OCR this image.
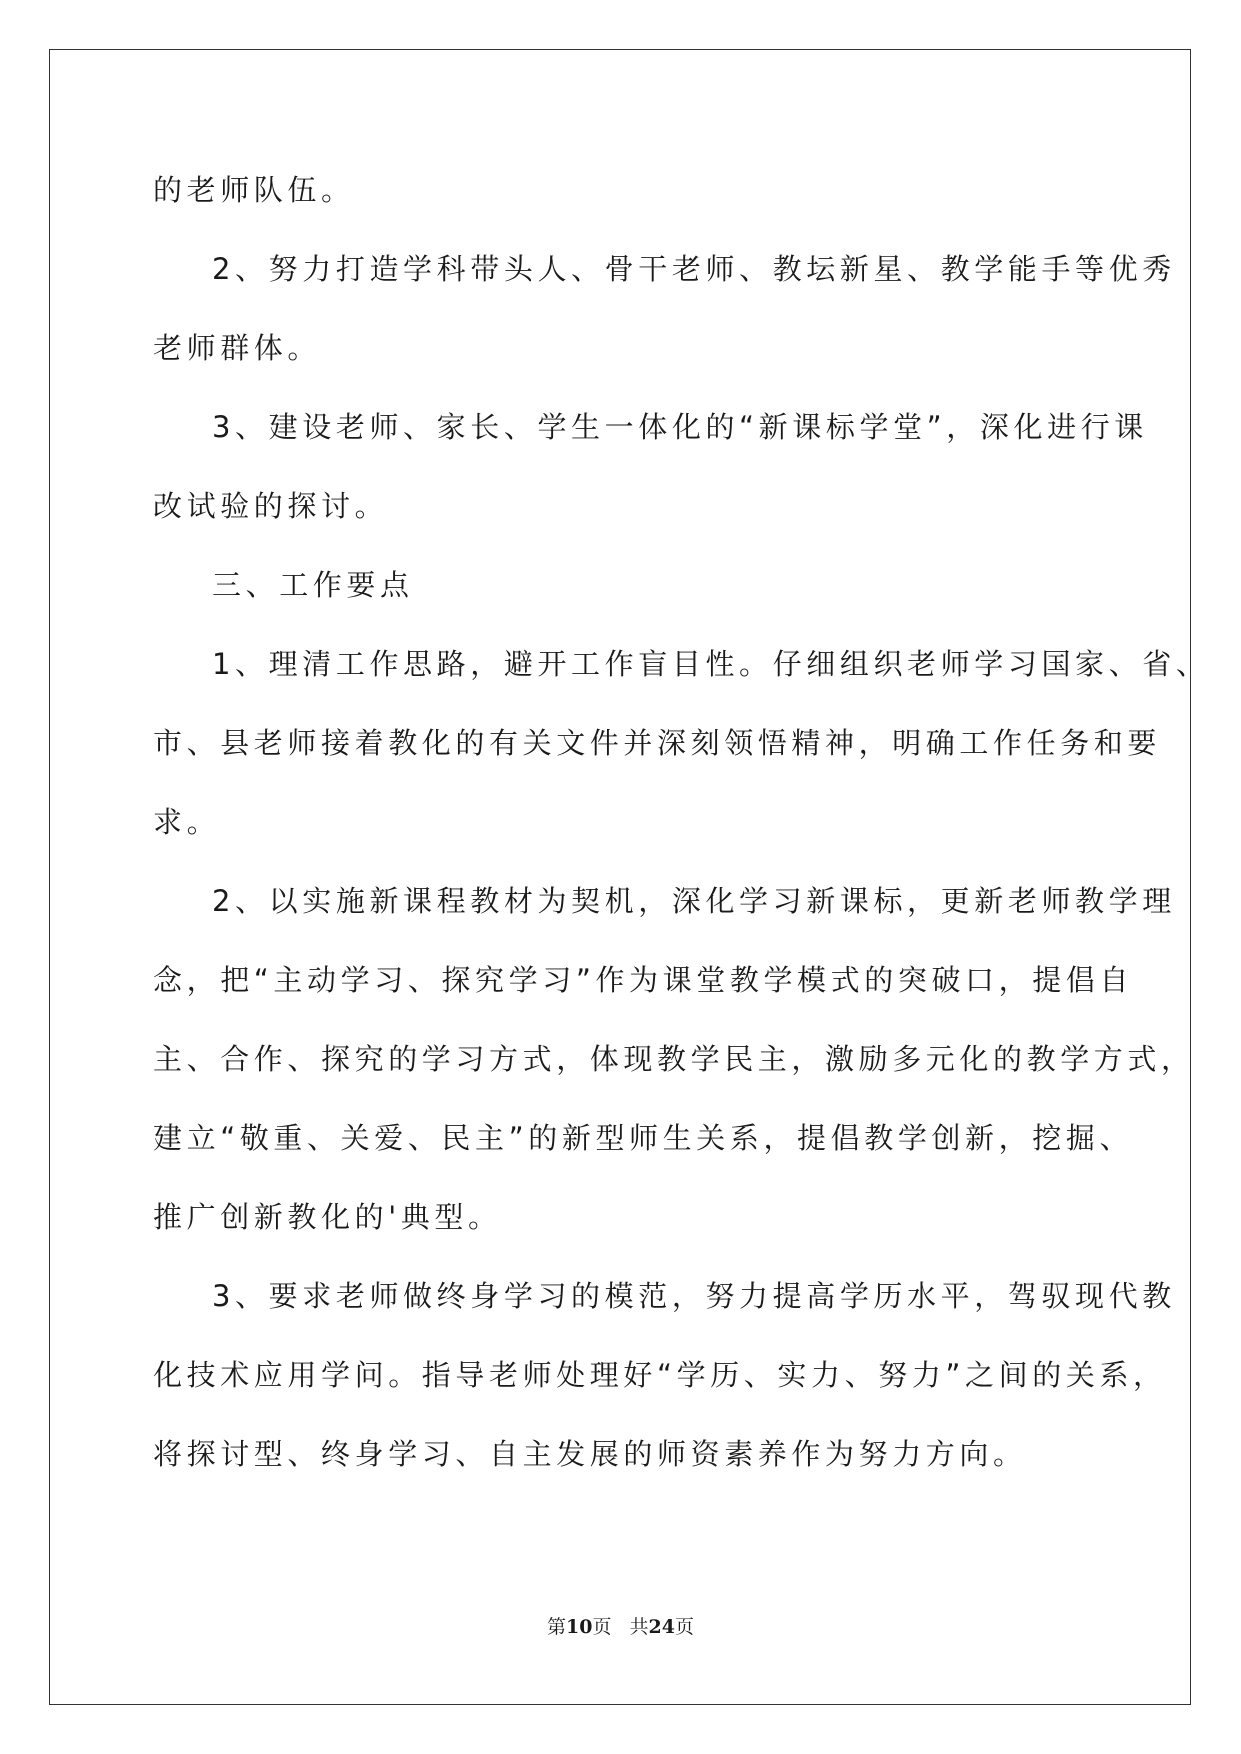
的老师队伍。
2、努力打造学科带头人、骨干老师、教坛新星、教学能手等优秀
老师群体。
3、建设老师、家长、学生一体化的“新课标学堂”，深化进行课
改试验的探讨。
三、工作要点
1、理清工作思路，避开工作盲目性。仔细组织老师学习国家、省、
市、县老师接着教化的有关文件并深刻领悟精神，明确工作任务和要
求。
2、以实施新课程教材为契机，深化学习新课标，更新老师教学理
念，把“主动学习、探究学习”作为课堂教学模式的突破口，提倡自
主、合作、探究的学习方式，体现教学民主，激励多元化的教学方式，
建立“敬重、关爱、民主”的新型师生关系，提倡教学创新，挖掘、
推广创新教化的'典型。
3、要求老师做终身学习的模范，努力提高学历水平，驾驭现代教
化技术应用学问。指导老师处理好“学历、实力、努力”之间的关系，
将探讨型、终身学习、自主发展的师资素养作为努力方向。
第10页 共24页
